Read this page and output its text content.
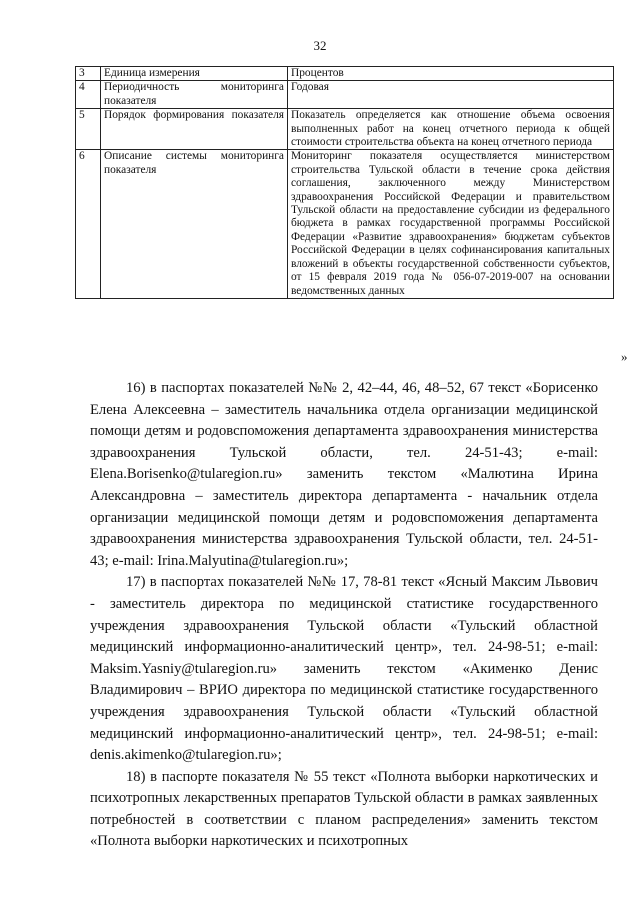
32
3	Единица измерения	Процентов
4	Периодичность мониторинга показателя	Годовая
5	Порядок формирования показателя	Показатель определяется как отношение объема освоения выполненных работ на конец отчетного периода к общей стоимости строительства объекта на конец отчетного периода
6	Описание системы мониторинга показателя	Мониторинг показателя осуществляется министерством строительства Тульской области в течение срока действия соглашения, заключенного между Министерством здравоохранения Российской Федерации и правительством Тульской области на предоставление субсидии из федерального бюджета в рамках государственной программы Российской Федерации «Развитие здравоохранения» бюджетам субъектов Российской Федерации в целях софинансирования капитальных вложений в объекты государственной собственности субъектов, от 15 февраля 2019 года № 056-07-2019-007 на основании ведомственных данных
»

16) в паспортах показателей №№ 2, 42–44, 46, 48–52, 67 текст «Борисенко Елена Алексеевна – заместитель начальника отдела организации медицинской помощи детям и родовспоможения департамента здравоохранения министерства здравоохранения Тульской области, тел. 24-51-43; e-mail: Elena.Borisenko@tularegion.ru» заменить текстом «Малютина Ирина Александровна – заместитель директора департамента - начальник отдела организации медицинской помощи детям и родовспоможения департамента здравоохранения министерства здравоохранения Тульской области, тел. 24-51-43; e-mail: Irina.Malyutina@tularegion.ru»;

17) в паспортах показателей №№ 17, 78-81 текст «Ясный Максим Львович - заместитель директора по медицинской статистике государственного учреждения здравоохранения Тульской области «Тульский областной медицинский информационно-аналитический центр», тел. 24-98-51; e-mail: Maksim.Yasniy@tularegion.ru» заменить текстом «Акименко Денис Владимирович – ВРИО директора по медицинской статистике государственного учреждения здравоохранения Тульской области «Тульский областной медицинский информационно-аналитический центр», тел. 24-98-51; e-mail: denis.akimenko@tularegion.ru»;

18) в паспорте показателя № 55 текст «Полнота выборки наркотических и психотропных лекарственных препаратов Тульской области в рамках заявленных потребностей в соответствии с планом распределения» заменить текстом «Полнота выборки наркотических и психотропных
